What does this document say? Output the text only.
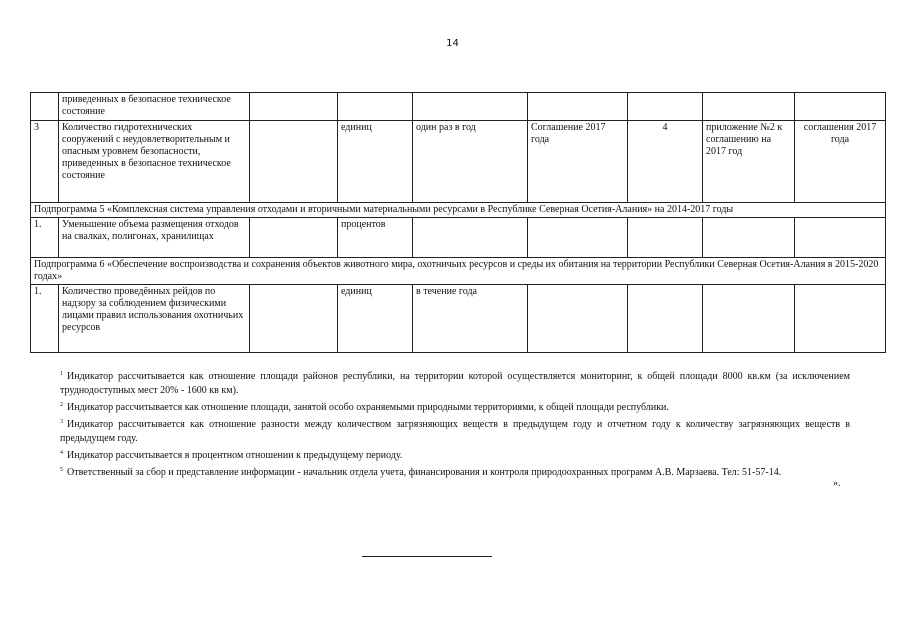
14
	приведенных в безопасное техническое состояние							
3	Количество гидротехнических сооружений с неудовлетворительным и опасным уровнем безопасности, приведенных в безопасное техническое состояние		единиц	один раз в год	Соглашение 2017 года	4	приложение №2 к соглашению на 2017 год	соглашения 2017 года
Подпрограмма 5 «Комплексная система управления отходами и вторичными материальными ресурсами в Республике Северная Осетия-Алания» на 2014-2017 годы								
1.	Уменьшение объема размещения отходов на свалках, полигонах, хранилищах		процентов					
Подпрограмма 6 «Обеспечение воспроизводства и сохранения объектов животного мира, охотничьих ресурсов и среды их обитания на территории Республики Северная Осетия-Алания в 2015-2020 годах»								
1.	Количество проведённых рейдов по надзору за соблюдением физическими лицами правил использования охотничьих ресурсов		единиц	в течение года				

$^1$ Индикатор рассчитывается как отношение площади районов республики, на территории которой осуществляется мониторинг, к общей площади 8000 кв.км (за исключением труднодоступных мест 20% - 1600 кв км).

$^2$ Индикатор рассчитывается как отношение площади, занятой особо охраняемыми природными территориями, к общей площади республики.

$^3$ Индикатор рассчитывается как отношение разности между количеством загрязняющих веществ в предыдущем году и отчетном году к количеству загрязняющих веществ в предыдущем году.

$^4$ Индикатор рассчитывается в процентном отношении к предыдущему периоду.

$^5$ Ответственный за сбор и представление информации - начальник отдела учета, финансирования и контроля природоохранных программ А.В. Марзаева. Тел: 51-57-14.

».
